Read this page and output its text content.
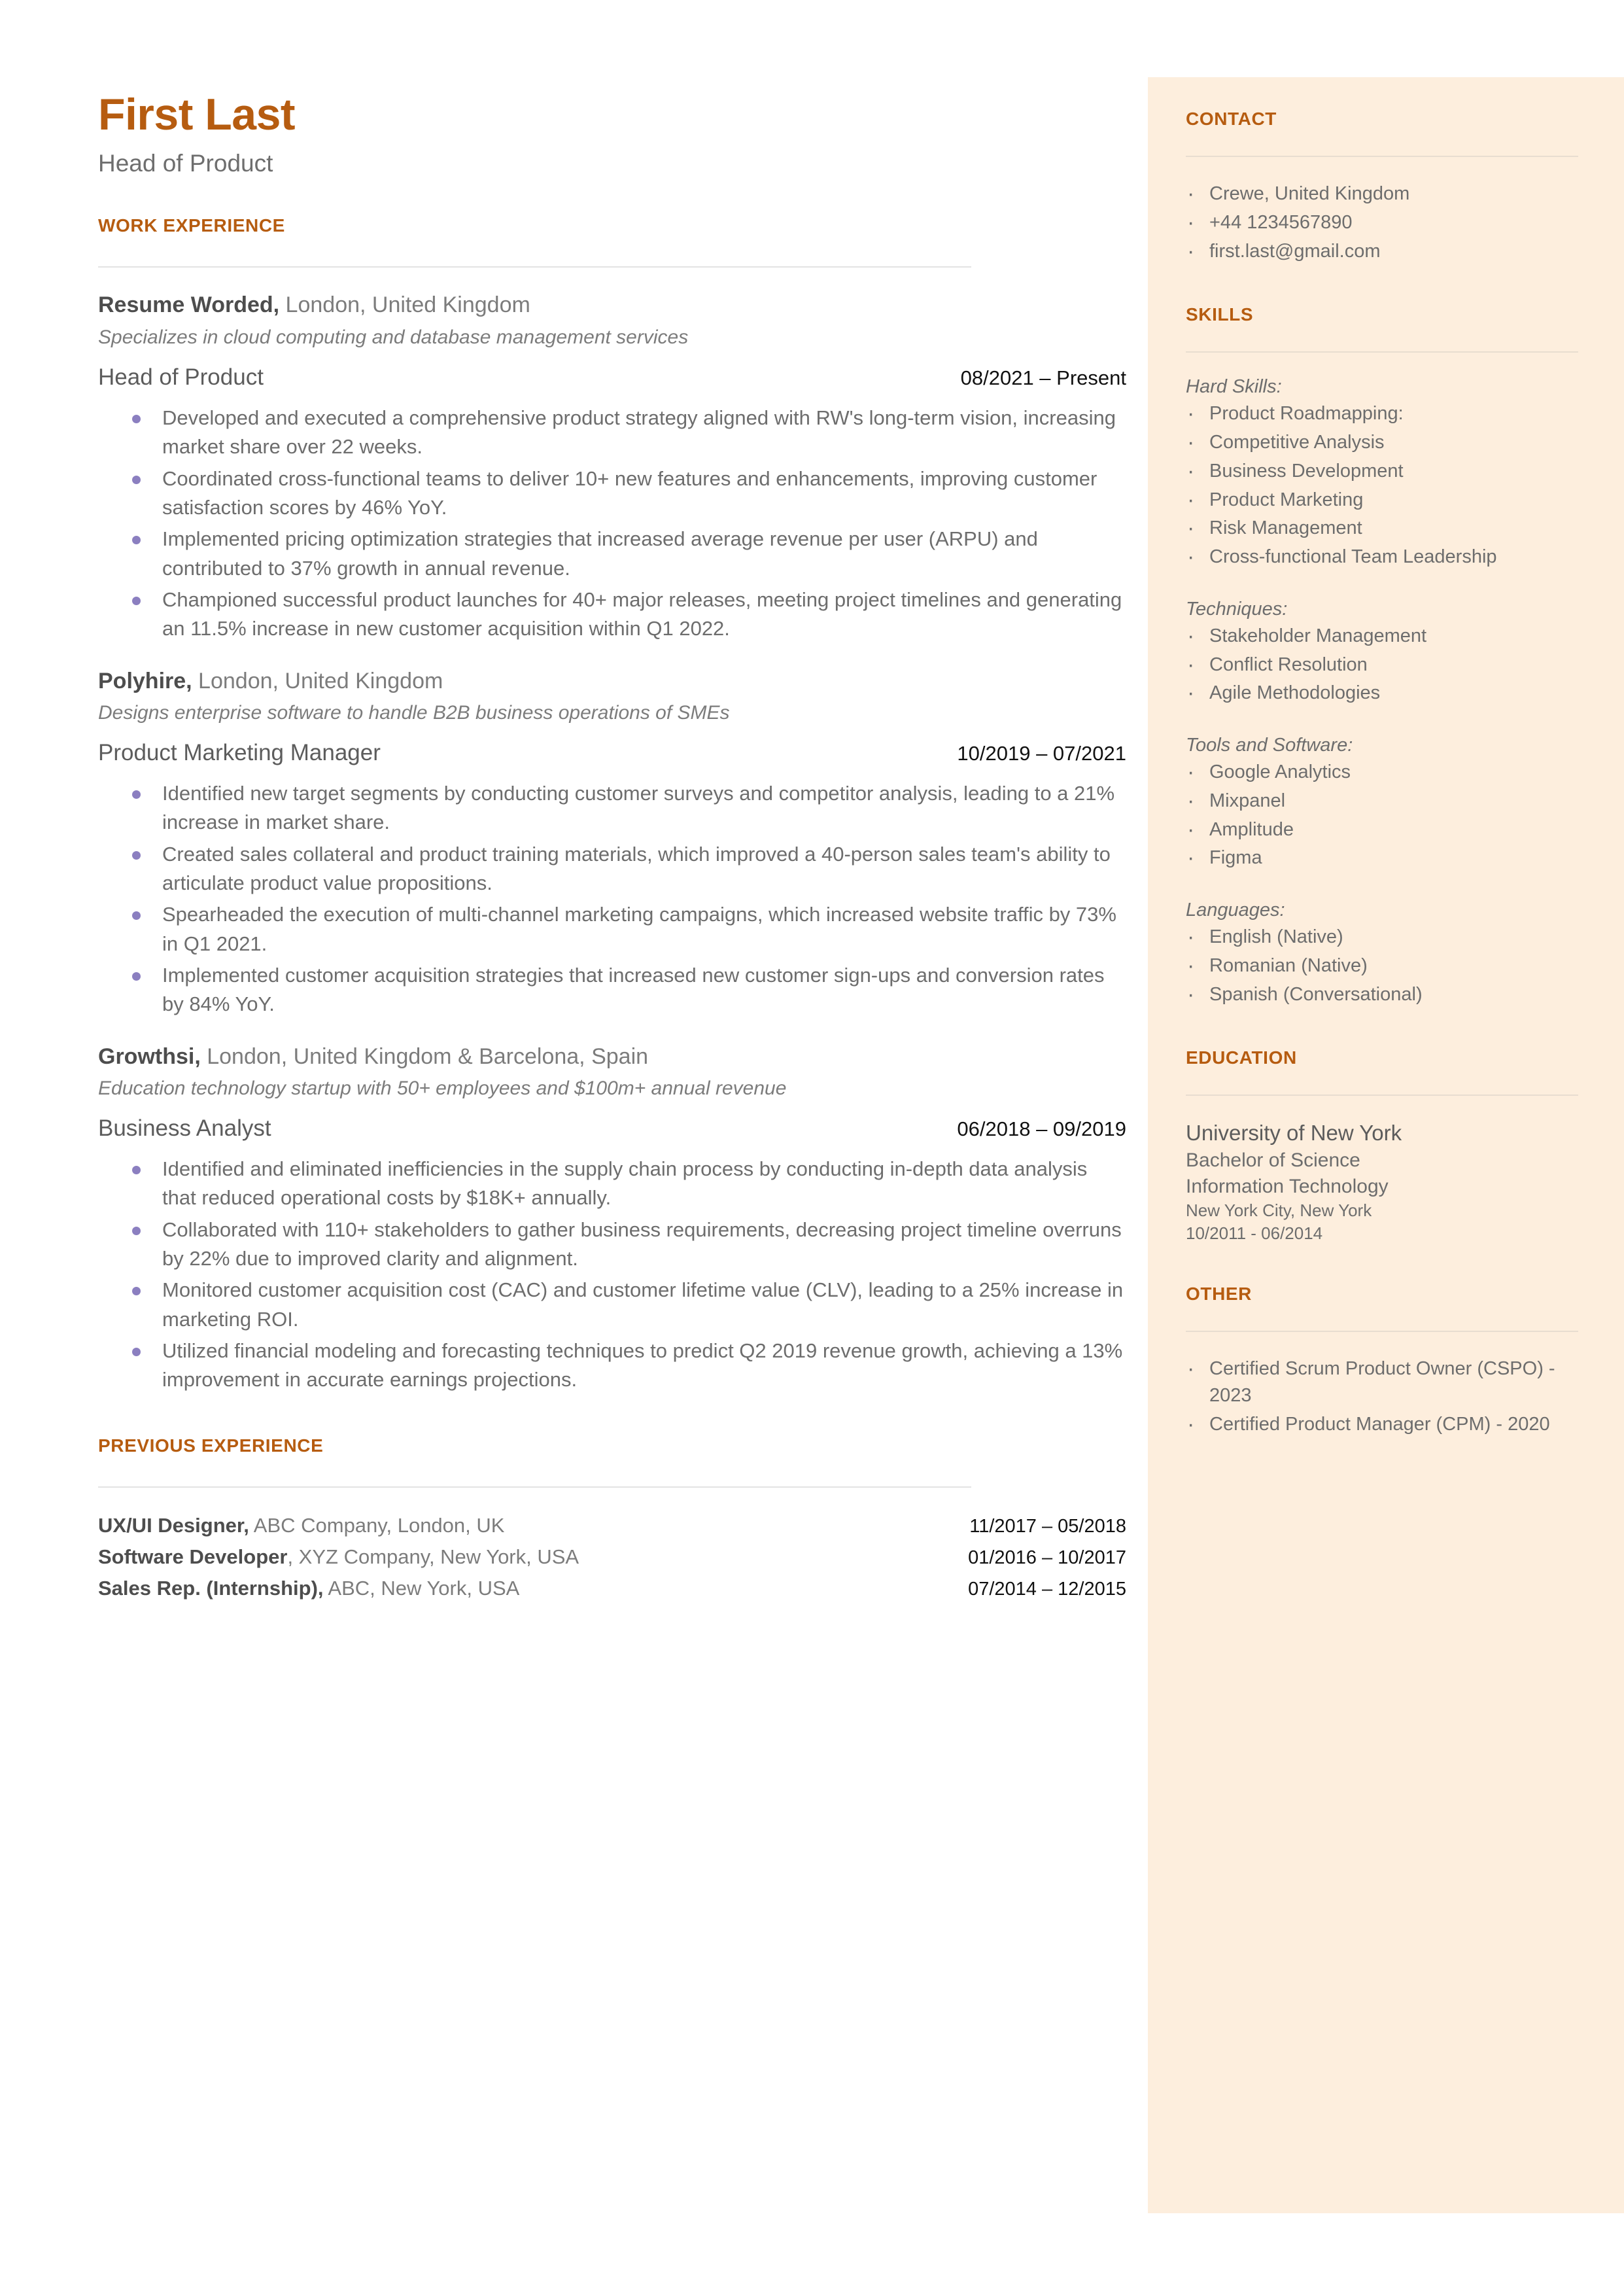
CONTACT
· Crewe, United Kingdom
· +44 1234567890
· first.last@gmail.com
SKILLS
Hard Skills:
· Product Roadmapping:
· Competitive Analysis
· Business Development
· Product Marketing
· Risk Management
· Cross-functional Team Leadership
Techniques:
· Stakeholder Management
· Conflict Resolution
· Agile Methodologies
Tools and Software:
· Google Analytics
· Mixpanel
· Amplitude
· Figma
Languages:
· English (Native)
· Romanian (Native)
· Spanish (Conversational)
EDUCATION
University of New York
Bachelor of Science
Information Technology
New York City, New York
10/2011 - 06/2014
OTHER
· Certified Scrum Product Owner (CSPO) - 2023
· Certified Product Manager (CPM) - 2020
First Last
Head of Product
WORK EXPERIENCE
Resume Worded, London, United Kingdom
Specializes in cloud computing and database management services
Head of Product	08/2021 – Present
Developed and executed a comprehensive product strategy aligned with RW's long-term vision, increasing market share over 22 weeks.
Coordinated cross-functional teams to deliver 10+ new features and enhancements, improving customer satisfaction scores by 46% YoY.
Implemented pricing optimization strategies that increased average revenue per user (ARPU) and contributed to 37% growth in annual revenue.
Championed successful product launches for 40+ major releases, meeting project timelines and generating an 11.5% increase in new customer acquisition within Q1 2022.
Polyhire, London, United Kingdom
Designs enterprise software to handle B2B business operations of SMEs
Product Marketing Manager	10/2019 – 07/2021
Identified new target segments by conducting customer surveys and competitor analysis, leading to a 21% increase in market share.
Created sales collateral and product training materials, which improved a 40-person sales team's ability to articulate product value propositions.
Spearheaded the execution of multi-channel marketing campaigns, which increased website traffic by 73% in Q1 2021.
Implemented customer acquisition strategies that increased new customer sign-ups and conversion rates by 84% YoY.
Growthsi, London, United Kingdom & Barcelona, Spain
Education technology startup with 50+ employees and $100m+ annual revenue
Business Analyst	06/2018 – 09/2019
Identified and eliminated inefficiencies in the supply chain process by conducting in-depth data analysis that reduced operational costs by $18K+ annually.
Collaborated with 110+ stakeholders to gather business requirements, decreasing project timeline overruns by 22% due to improved clarity and alignment.
Monitored customer acquisition cost (CAC) and customer lifetime value (CLV), leading to a 25% increase in marketing ROI.
Utilized financial modeling and forecasting techniques to predict Q2 2019 revenue growth, achieving a 13% improvement in accurate earnings projections.
PREVIOUS EXPERIENCE
UX/UI Designer, ABC Company, London, UK	11/2017 – 05/2018
Software Developer, XYZ Company, New York, USA	01/2016 – 10/2017
Sales Rep. (Internship), ABC, New York, USA	07/2014 – 12/2015
